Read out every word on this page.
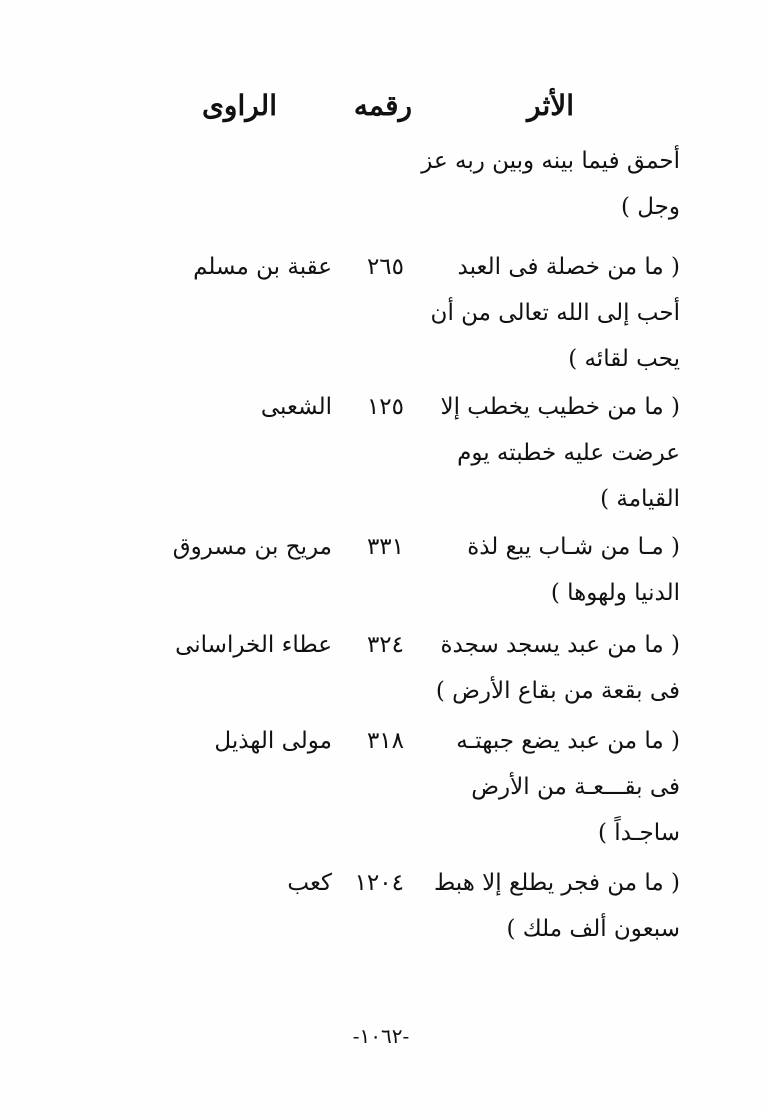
الأثر
رقمه
الراوى
أحمق فيما بينه وبين ربه عز
وجل )
( ما من خصلة فى العبد
أحب إلى الله تعالى من أن
يحب لقائه )
٢٦٥
عقبة بن مسلم
( ما من خطيب يخطب إلا
عرضت عليه خطبته يوم
القيامة )
١٢٥
الشعبى
( مـا من شـاب يبع لذة
الدنيا ولهوها )
٣٣١
مريح بن مسروق
( ما من عبد يسجد سجدة
فى بقعة من بقاع الأرض )
٣٢٤
عطاء الخراسانى
( ما من عبد يضع جبهتـه
فى بقـــعـة من الأرض
ساجـداً )
٣١٨
مولى الهذيل
( ما من فجر يطلع إلا هبط
سبعون ألف ملك )
١٢٠٤
كعب
-١٠٦٢-
